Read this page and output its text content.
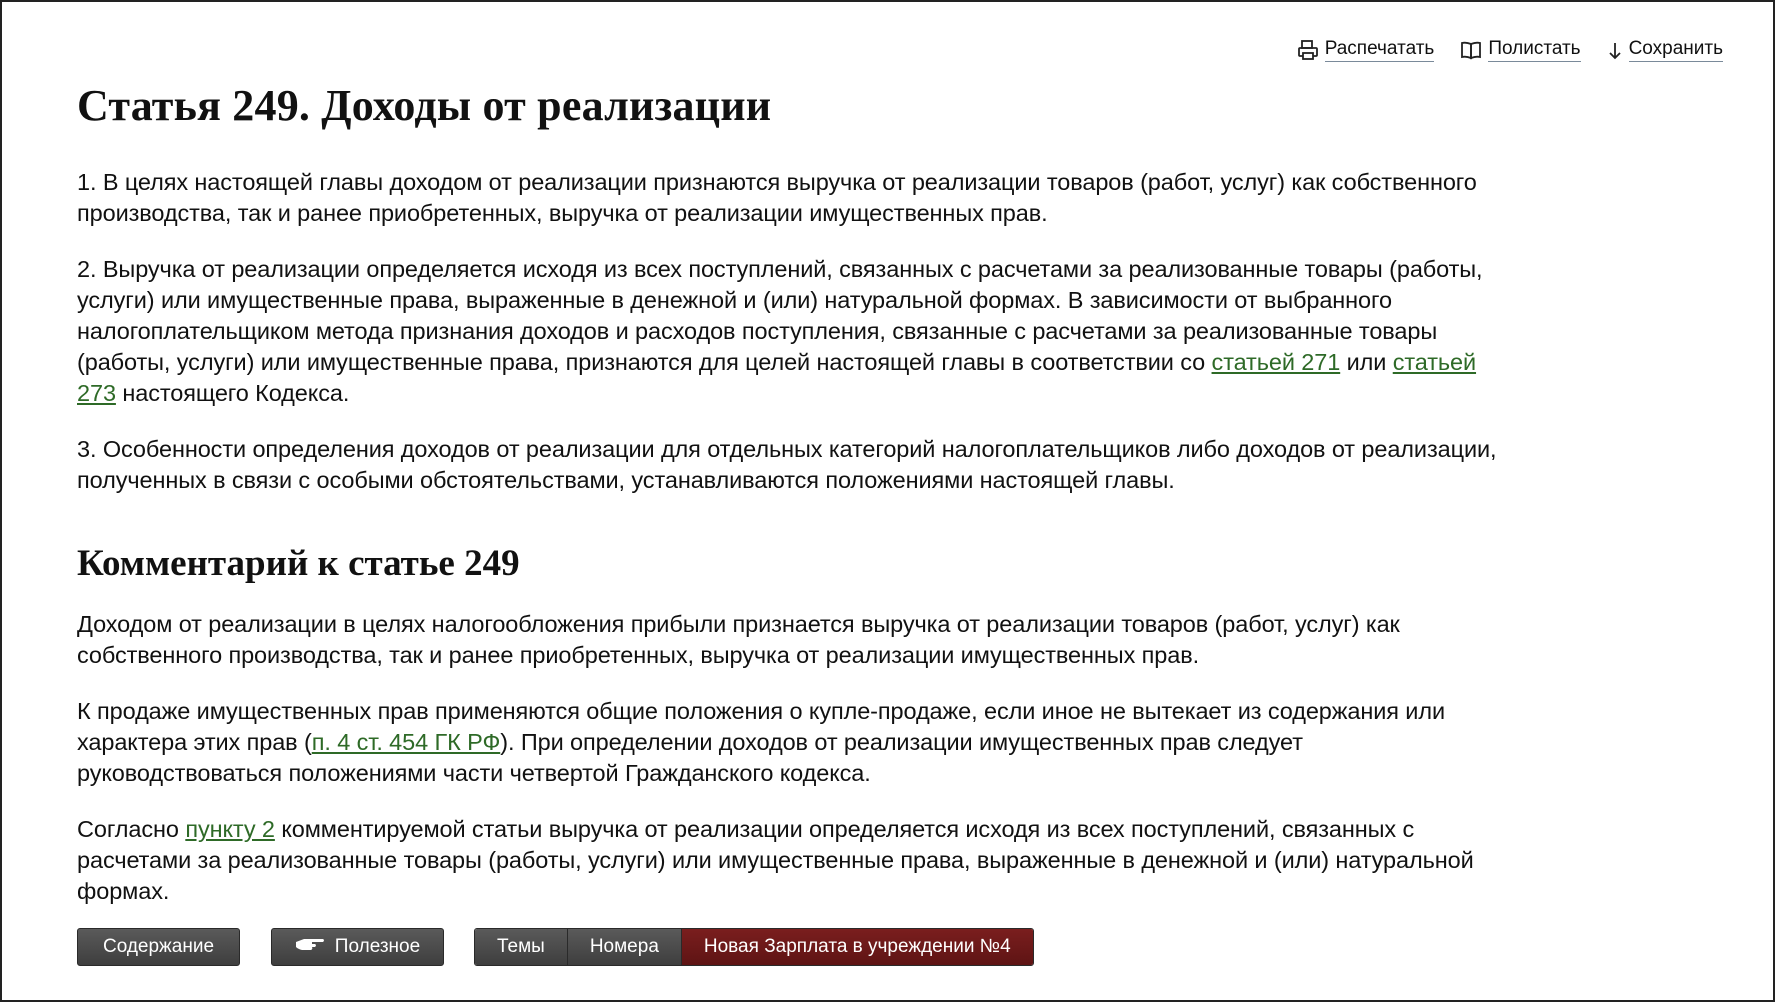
Распечатать	Полистать	Сохранить
Статья 249. Доходы от реализации

1. В целях настоящей главы доходом от реализации признаются выручка от реализации товаров (работ, услуг) как собственного производства, так и ранее приобретенных, выручка от реализации имущественных прав.

2. Выручка от реализации определяется исходя из всех поступлений, связанных с расчетами за реализованные товары (работы, услуги) или имущественные права, выраженные в денежной и (или) натуральной формах. В зависимости от выбранного налогоплательщиком метода признания доходов и расходов поступления, связанные с расчетами за реализованные товары (работы, услуги) или имущественные права, признаются для целей настоящей главы в соответствии со статьей 271 или статьей 273 настоящего Кодекса.

3. Особенности определения доходов от реализации для отдельных категорий налогоплательщиков либо доходов от реализации, полученных в связи с особыми обстоятельствами, устанавливаются положениями настоящей главы.

Комментарий к статье 249

Доходом от реализации в целях налогообложения прибыли признается выручка от реализации товаров (работ, услуг) как собственного производства, так и ранее приобретенных, выручка от реализации имущественных прав.

К продаже имущественных прав применяются общие положения о купле-продаже, если иное не вытекает из содержания или характера этих прав (п. 4 ст. 454 ГК РФ). При определении доходов от реализации имущественных прав следует руководствоваться положениями части четвертой Гражданского кодекса.

Согласно пункту 2 комментируемой статьи выручка от реализации определяется исходя из всех поступлений, связанных с расчетами за реализованные товары (работы, услуги) или имущественные права, выраженные в денежной и (или) натуральной формах.

Содержание	Полезное	Темы Номера Новая Зарплата в учреждении №4
